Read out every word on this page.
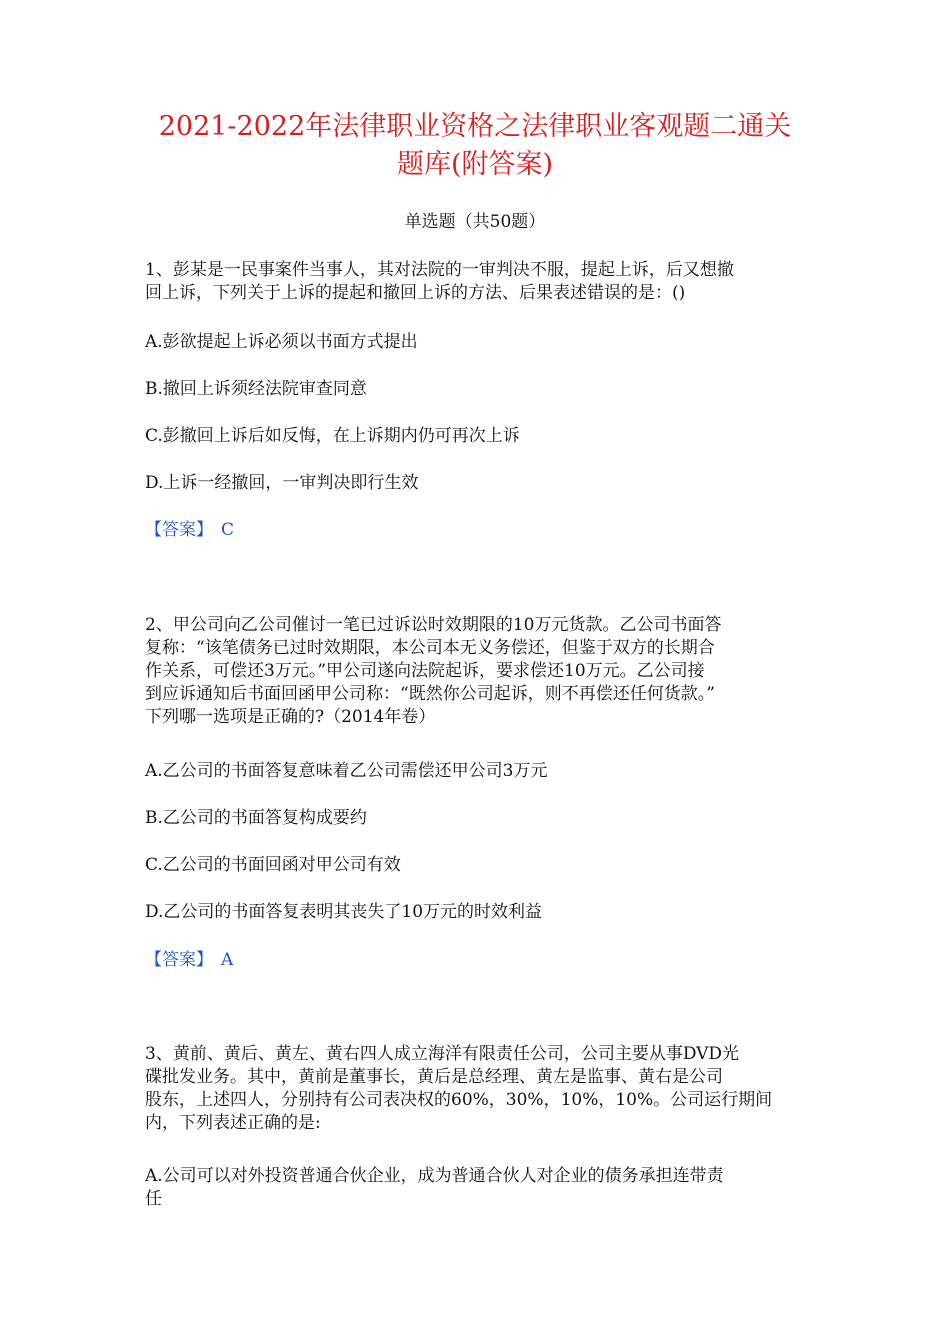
2021-2022年法律职业资格之法律职业客观题二通关
题库(附答案)
单选题（共50题）
1、彭某是一民事案件当事人，其对法院的一审判决不服，提起上诉，后又想撤
回上诉，下列关于上诉的提起和撤回上诉的方法、后果表述错误的是：()
A.彭欲提起上诉必须以书面方式提出
B.撤回上诉须经法院审查同意
C.彭撤回上诉后如反悔，在上诉期内仍可再次上诉
D.上诉一经撤回，一审判决即行生效
【答案】 C
2、甲公司向乙公司催讨一笔已过诉讼时效期限的10万元货款。乙公司书面答
复称：“该笔债务已过时效期限，本公司本无义务偿还，但鉴于双方的长期合
作关系，可偿还3万元。”甲公司遂向法院起诉，要求偿还10万元。乙公司接
到应诉通知后书面回函甲公司称：“既然你公司起诉，则不再偿还任何货款。”
下列哪一选项是正确的?（2014年卷）
A.乙公司的书面答复意味着乙公司需偿还甲公司3万元
B.乙公司的书面答复构成要约
C.乙公司的书面回函对甲公司有效
D.乙公司的书面答复表明其丧失了10万元的时效利益
【答案】 A
3、黄前、黄后、黄左、黄右四人成立海洋有限责任公司，公司主要从事DVD光
碟批发业务。其中，黄前是董事长，黄后是总经理、黄左是监事、黄右是公司
股东，上述四人，分别持有公司表决权的60%，30%，10%，10%。公司运行期间
内，下列表述正确的是:
A.公司可以对外投资普通合伙企业，成为普通合伙人对企业的债务承担连带责
任
